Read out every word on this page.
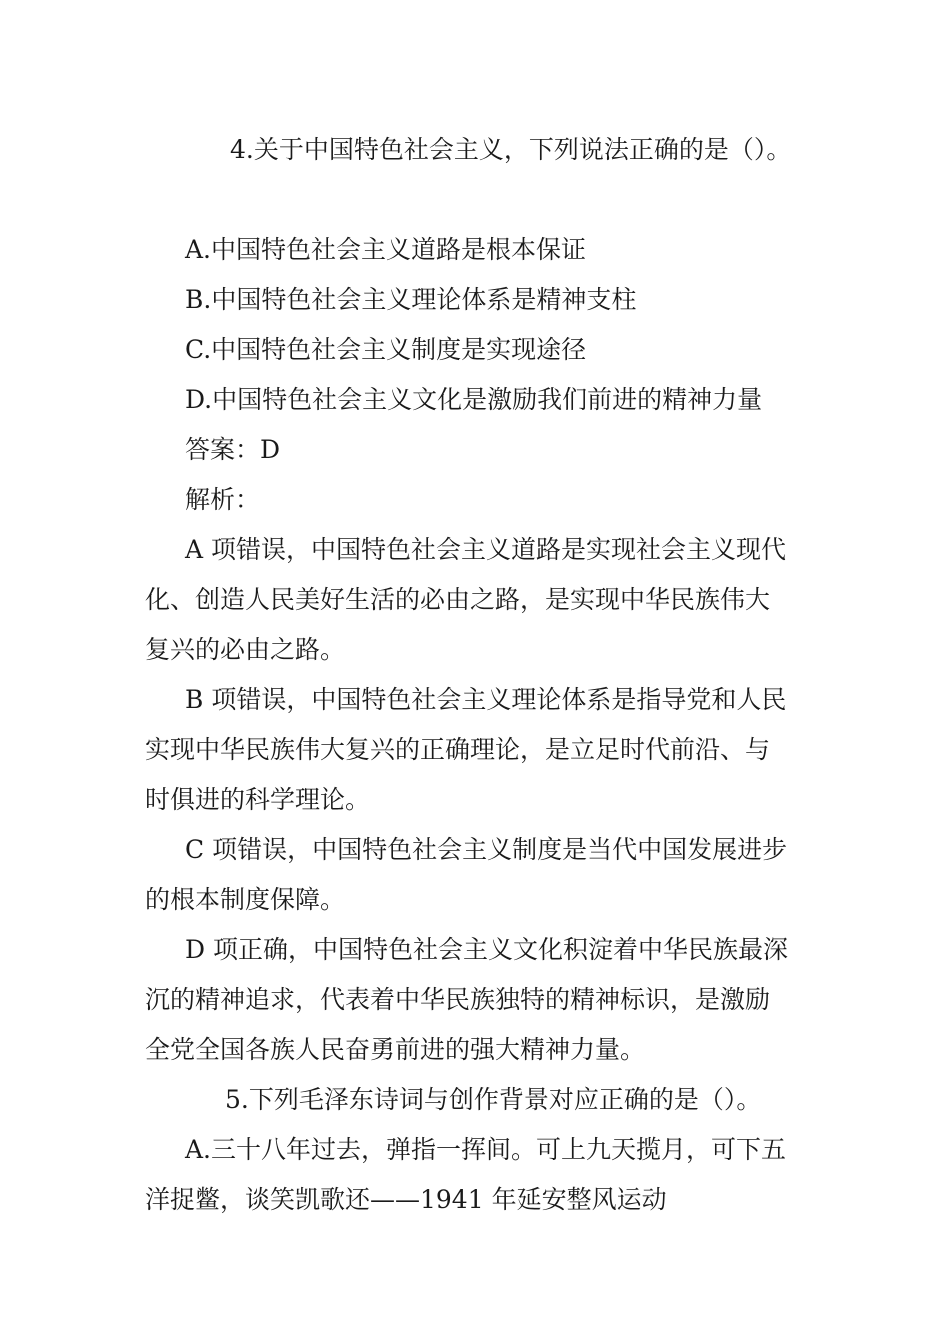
4.关于中国特色社会主义，下列说法正确的是（）。

A.中国特色社会主义道路是根本保证

B.中国特色社会主义理论体系是精神支柱

C.中国特色社会主义制度是实现途径

D.中国特色社会主义文化是激励我们前进的精神力量

答案：D

解析：

A 项错误，中国特色社会主义道路是实现社会主义现代

化、创造人民美好生活的必由之路，是实现中华民族伟大

复兴的必由之路。

B 项错误，中国特色社会主义理论体系是指导党和人民

实现中华民族伟大复兴的正确理论，是立足时代前沿、与

时俱进的科学理论。

C 项错误，中国特色社会主义制度是当代中国发展进步

的根本制度保障。

D 项正确，中国特色社会主义文化积淀着中华民族最深

沉的精神追求，代表着中华民族独特的精神标识，是激励

全党全国各族人民奋勇前进的强大精神力量。

5.下列毛泽东诗词与创作背景对应正确的是（）。

A.三十八年过去，弹指一挥间。可上九天揽月，可下五

洋捉鳖，谈笑凯歌还——1941 年延安整风运动
